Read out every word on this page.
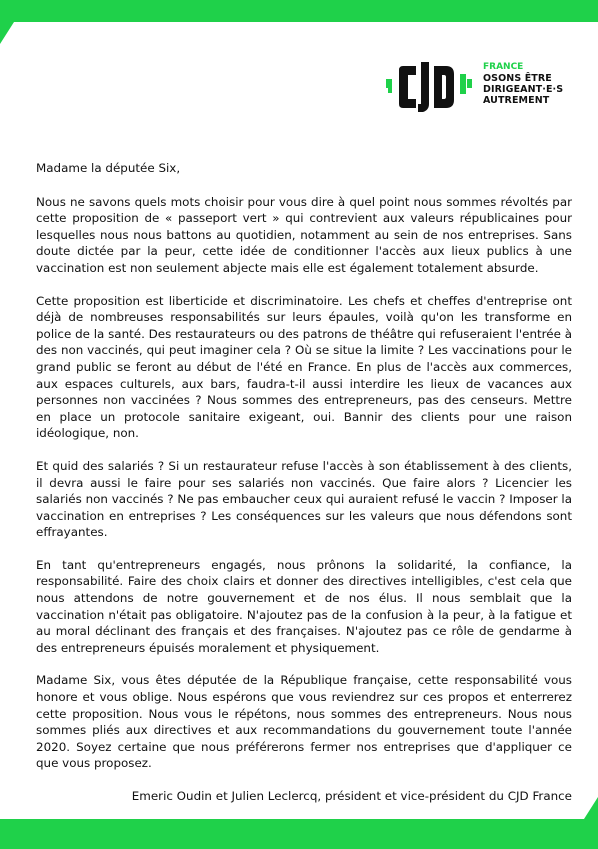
FRANCE
OSONS ÊTRE
DIRIGEANT·E·S
AUTREMENT

Madame la députée Six,

Nous ne savons quels mots choisir pour vous dire à quel point nous sommes révoltés par cette proposition de « passeport vert » qui contrevient aux valeurs républicaines pour lesquelles nous nous battons au quotidien, notamment au sein de nos entreprises. Sans doute dictée par la peur, cette idée de conditionner l'accès aux lieux publics à une vaccination est non seulement abjecte mais elle est également totalement absurde.

Cette proposition est liberticide et discriminatoire. Les chefs et cheffes d'entreprise ont déjà de nombreuses responsabilités sur leurs épaules, voilà qu'on les transforme en police de la santé. Des restaurateurs ou des patrons de théâtre qui refuseraient l'entrée à des non vaccinés, qui peut imaginer cela ? Où se situe la limite ? Les vaccinations pour le grand public se feront au début de l'été en France. En plus de l'accès aux commerces, aux espaces culturels, aux bars, faudra-t-il aussi interdire les lieux de vacances aux personnes non vaccinées ? Nous sommes des entrepreneurs, pas des censeurs. Mettre en place un protocole sanitaire exigeant, oui. Bannir des clients pour une raison idéologique, non.

Et quid des salariés ? Si un restaurateur refuse l'accès à son établissement à des clients, il devra aussi le faire pour ses salariés non vaccinés. Que faire alors ? Licencier les salariés non vaccinés ? Ne pas embaucher ceux qui auraient refusé le vaccin ? Imposer la vaccination en entreprises ? Les conséquences sur les valeurs que nous défendons sont effrayantes.

En tant qu'entrepreneurs engagés, nous prônons la solidarité, la confiance, la responsabilité. Faire des choix clairs et donner des directives intelligibles, c'est cela que nous attendons de notre gouvernement et de nos élus. Il nous semblait que la vaccination n'était pas obligatoire. N'ajoutez pas de la confusion à la peur, à la fatigue et au moral déclinant des français et des françaises. N'ajoutez pas ce rôle de gendarme à des entrepreneurs épuisés moralement et physiquement.

Madame Six, vous êtes députée de la République française, cette responsabilité vous honore et vous oblige. Nous espérons que vous reviendrez sur ces propos et enterrerez cette proposition. Nous vous le répétons, nous sommes des entrepreneurs. Nous nous sommes pliés aux directives et aux recommandations du gouvernement toute l'année 2020. Soyez certaine que nous préférerons fermer nos entreprises que d'appliquer ce que vous proposez.

Emeric Oudin et Julien Leclercq, président et vice-président du CJD France
